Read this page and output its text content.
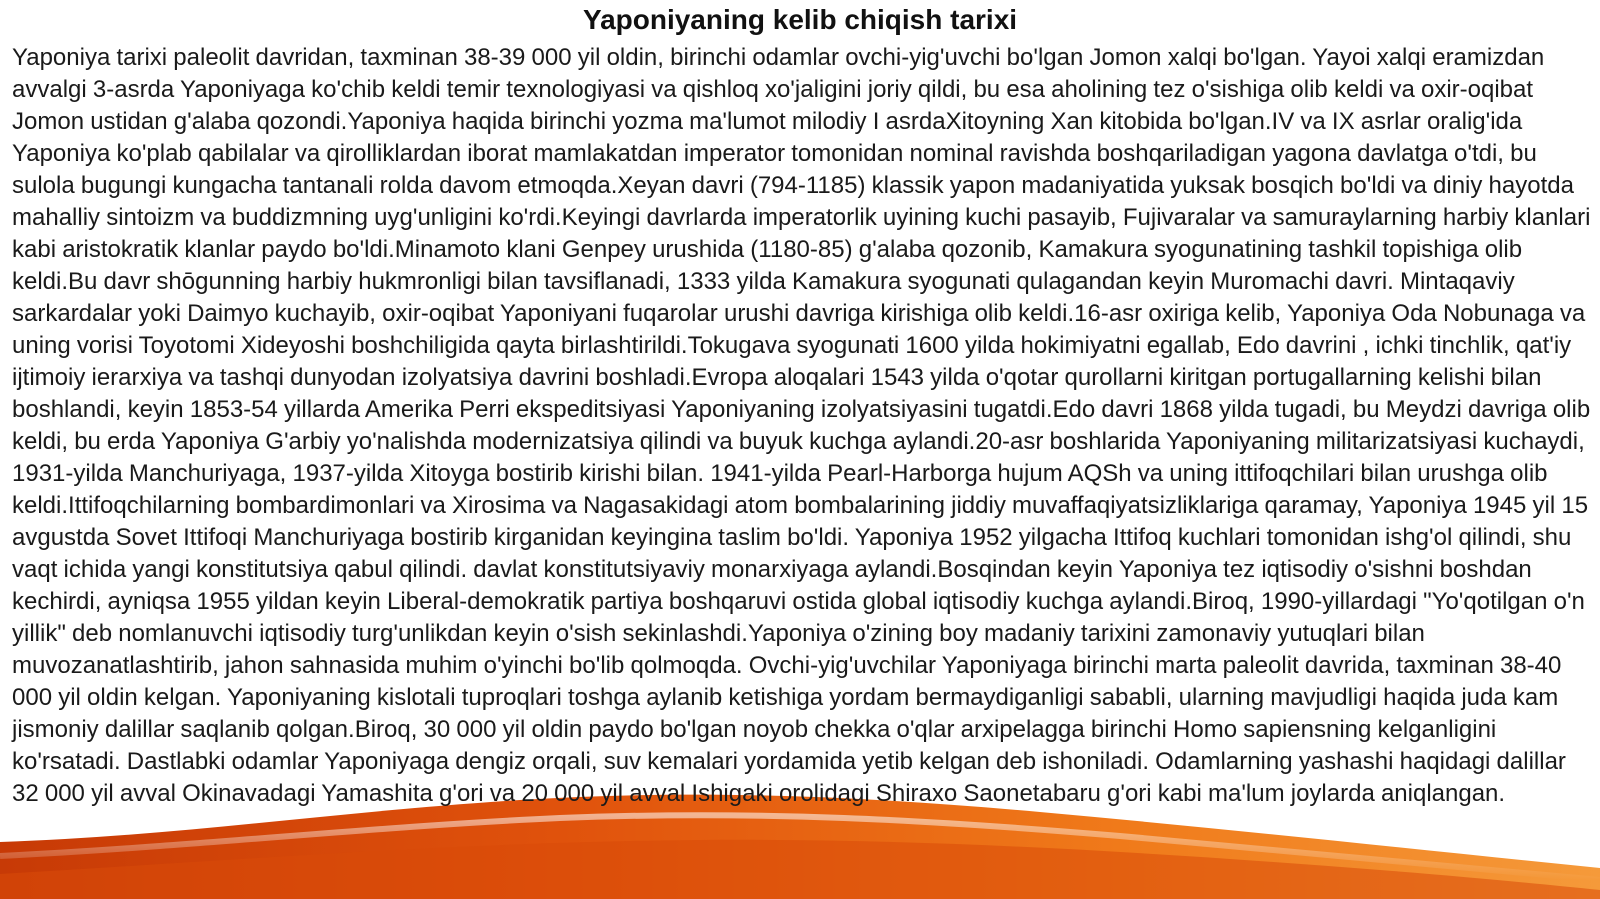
Yaponiyaning kelib chiqish tarixi

Yaponiya tarixi paleolit davridan, taxminan 38-39 000 yil oldin, birinchi odamlar ovchi-yig'uvchi bo'lgan Jomon xalqi bo'lgan. Yayoi xalqi eramizdan avvalgi 3-asrda Yaponiyaga ko'chib keldi temir texnologiyasi va qishloq xo'jaligini joriy qildi, bu esa aholining tez o'sishiga olib keldi va oxir-oqibat Jomon ustidan g'alaba qozondi.Yaponiya haqida birinchi yozma ma'lumot milodiy I asrdaXitoyning Xan kitobida bo'lgan.IV va IX asrlar oralig'ida Yaponiya ko'plab qabilalar va qirolliklardan iborat mamlakatdan imperator tomonidan nominal ravishda boshqariladigan yagona davlatga o'tdi, bu sulola bugungi kungacha tantanali rolda davom etmoqda.Xeyan davri (794-1185) klassik yapon madaniyatida yuksak bosqich bo'ldi va diniy hayotda mahalliy sintoizm va buddizmning uyg'unligini ko'rdi.Keyingi davrlarda imperatorlik uyining kuchi pasayib, Fujivaralar va samuraylarning harbiy klanlari kabi aristokratik klanlar paydo bo'ldi.Minamoto klani Genpey urushida (1180-85) g'alaba qozonib, Kamakura syogunatining tashkil topishiga olib keldi.Bu davr shōgunning harbiy hukmronligi bilan tavsiflanadi, 1333 yilda Kamakura syogunati qulagandan keyin Muromachi davri. Mintaqaviy sarkardalar yoki Daimyo kuchayib, oxir-oqibat Yaponiyani fuqarolar urushi davriga kirishiga olib keldi.16-asr oxiriga kelib, Yaponiya Oda Nobunaga va uning vorisi Toyotomi Xideyoshi boshchiligida qayta birlashtirildi.Tokugava syogunati 1600 yilda hokimiyatni egallab, Edo davrini , ichki tinchlik, qat'iy ijtimoiy ierarxiya va tashqi dunyodan izolyatsiya davrini boshladi.Evropa aloqalari 1543 yilda o'qotar qurollarni kiritgan portugallarning kelishi bilan boshlandi, keyin 1853-54 yillarda Amerika Perri ekspeditsiyasi Yaponiyaning izolyatsiyasini tugatdi.Edo davri 1868 yilda tugadi, bu Meydzi davriga olib keldi, bu erda Yaponiya G'arbiy yo'nalishda modernizatsiya qilindi va buyuk kuchga aylandi.20-asr boshlarida Yaponiyaning militarizatsiyasi kuchaydi, 1931-yilda Manchuriyaga, 1937-yilda Xitoyga bostirib kirishi bilan. 1941-yilda Pearl-Harborga hujum AQSh va uning ittifoqchilari bilan urushga olib keldi.Ittifoqchilarning bombardimonlari va Xirosima va Nagasakidagi atom bombalarining jiddiy muvaffaqiyatsizliklariga qaramay, Yaponiya 1945 yil 15 avgustda Sovet Ittifoqi Manchuriyaga bostirib kirganidan keyingina taslim bo'ldi. Yaponiya 1952 yilgacha Ittifoq kuchlari tomonidan ishg'ol qilindi, shu vaqt ichida yangi konstitutsiya qabul qilindi. davlat konstitutsiyaviy monarxiyaga aylandi.Bosqindan keyin Yaponiya tez iqtisodiy o'sishni boshdan kechirdi, ayniqsa 1955 yildan keyin Liberal-demokratik partiya boshqaruvi ostida global iqtisodiy kuchga aylandi.Biroq, 1990-yillardagi "Yo'qotilgan o'n yillik" deb nomlanuvchi iqtisodiy turg'unlikdan keyin o'sish sekinlashdi.Yaponiya o'zining boy madaniy tarixini zamonaviy yutuqlari bilan muvozanatlashtirib, jahon sahnasida muhim o'yinchi bo'lib qolmoqda. Ovchi-yig'uvchilar Yaponiyaga birinchi marta paleolit davrida, taxminan 38-40 000 yil oldin kelgan. Yaponiyaning kislotali tuproqlari toshga aylanib ketishiga yordam bermaydiganligi sababli, ularning mavjudligi haqida juda kam jismoniy dalillar saqlanib qolgan.Biroq, 30 000 yil oldin paydo bo'lgan noyob chekka o'qlar arxipelagga birinchi Homo sapiensning kelganligini ko'rsatadi. Dastlabki odamlar Yaponiyaga dengiz orqali, suv kemalari yordamida yetib kelgan deb ishoniladi. Odamlarning yashashi haqidagi dalillar 32 000 yil avval Okinavadagi Yamashita g'ori va 20 000 yil avval Ishigaki orolidagi Shiraxo Saonetabaru g'ori kabi ma'lum joylarda aniqlangan.
